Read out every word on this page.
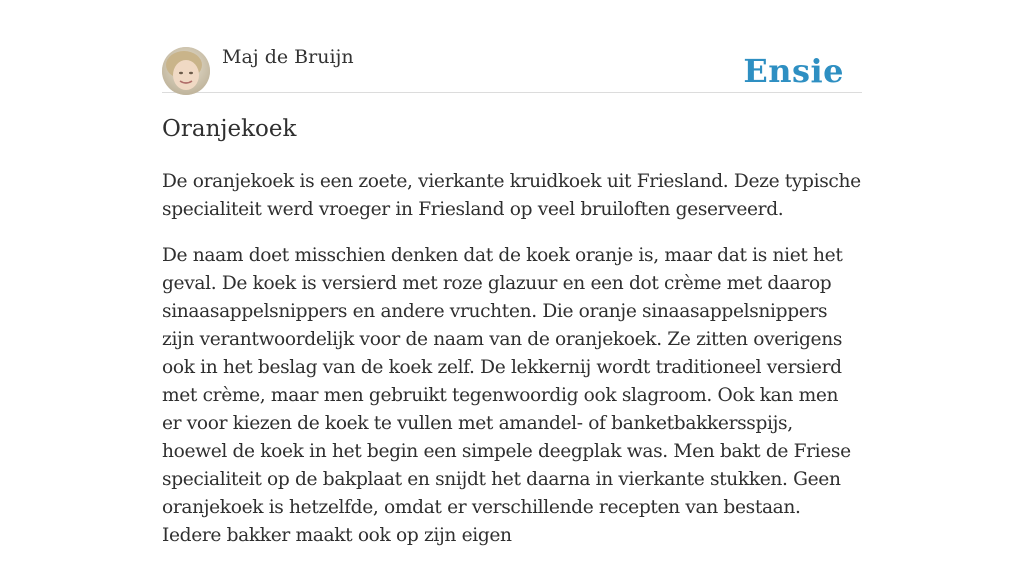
Maj de Bruijn	Ensie
Oranjekoek

De oranjekoek is een zoete, vierkante kruidkoek uit Friesland. Deze typische specialiteit werd vroeger in Friesland op veel bruiloften geserveerd.

De naam doet misschien denken dat de koek oranje is, maar dat is niet het geval. De koek is versierd met roze glazuur en een dot crème met daarop sinaasappelsnippers en andere vruchten. Die oranje sinaasappelsnippers zijn verantwoordelijk voor de naam van de oranjekoek. Ze zitten overigens ook in het beslag van de koek zelf. De lekkernij wordt traditioneel versierd met crème, maar men gebruikt tegenwoordig ook slagroom. Ook kan men er voor kiezen de koek te vullen met amandel- of banketbakkersspijs, hoewel de koek in het begin een simpele deegplak was. Men bakt de Friese specialiteit op de bakplaat en snijdt het daarna in vierkante stukken. Geen oranjekoek is hetzelfde, omdat er verschillende recepten van bestaan. Iedere bakker maakt ook op zijn eigen
